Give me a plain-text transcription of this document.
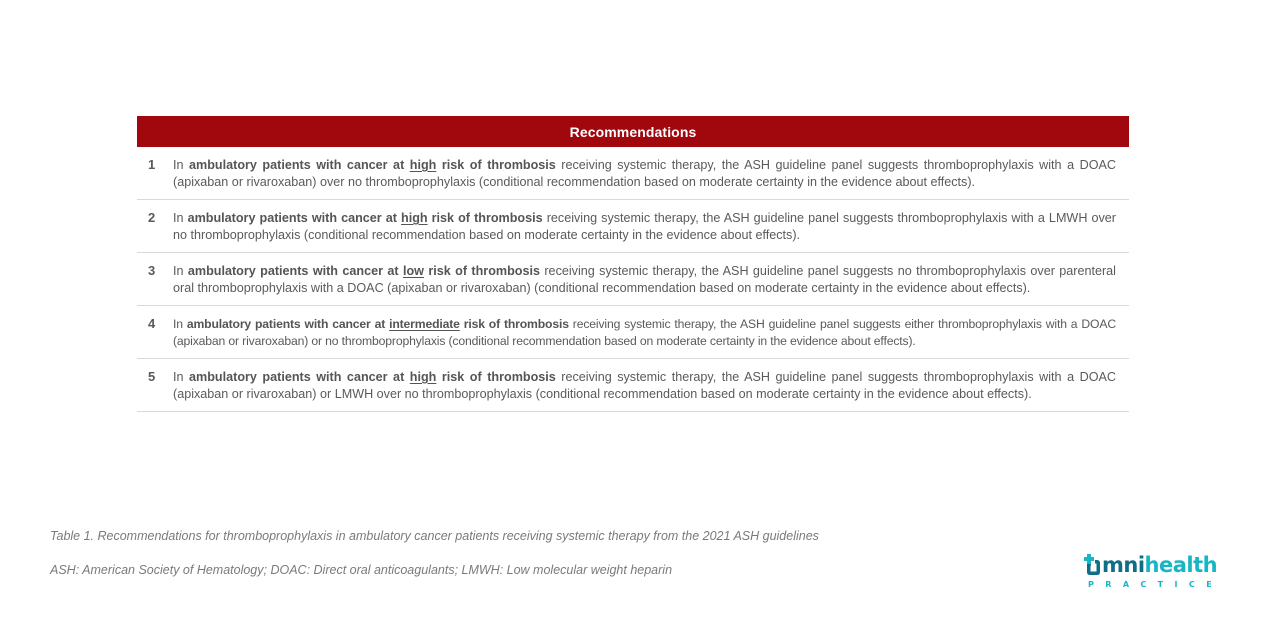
Recommendations
1	In ambulatory patients with cancer at high risk of thrombosis receiving systemic therapy, the ASH guideline panel suggests thromboprophylaxis with a DOAC (apixaban or rivaroxaban) over no thromboprophylaxis (conditional recommendation based on moderate certainty in the evidence about effects).
2	In ambulatory patients with cancer at high risk of thrombosis receiving systemic therapy, the ASH guideline panel suggests thromboprophylaxis with a LMWH over no thromboprophylaxis (conditional recommendation based on moderate certainty in the evidence about effects).
3	In ambulatory patients with cancer at low risk of thrombosis receiving systemic therapy, the ASH guideline panel suggests no thromboprophylaxis over parenteral oral thromboprophylaxis with a DOAC (apixaban or rivaroxaban) (conditional recommendation based on moderate certainty in the evidence about effects).
4	In ambulatory patients with cancer at intermediate risk of thrombosis receiving systemic therapy, the ASH guideline panel suggests either thromboprophylaxis with a DOAC (apixaban or rivaroxaban) or no thromboprophylaxis (conditional recommendation based on moderate certainty in the evidence about effects).
5	In ambulatory patients with cancer at high risk of thrombosis receiving systemic therapy, the ASH guideline panel suggests thromboprophylaxis with a DOAC (apixaban or rivaroxaban) or LMWH over no thromboprophylaxis (conditional recommendation based on moderate certainty in the evidence about effects).
Table 1. Recommendations for thromboprophylaxis in ambulatory cancer patients receiving systemic therapy from the 2021 ASH guidelines
ASH: American Society of Hematology; DOAC: Direct oral anticoagulants; LMWH: Low molecular weight heparin	mnihealth
PRACTICE
